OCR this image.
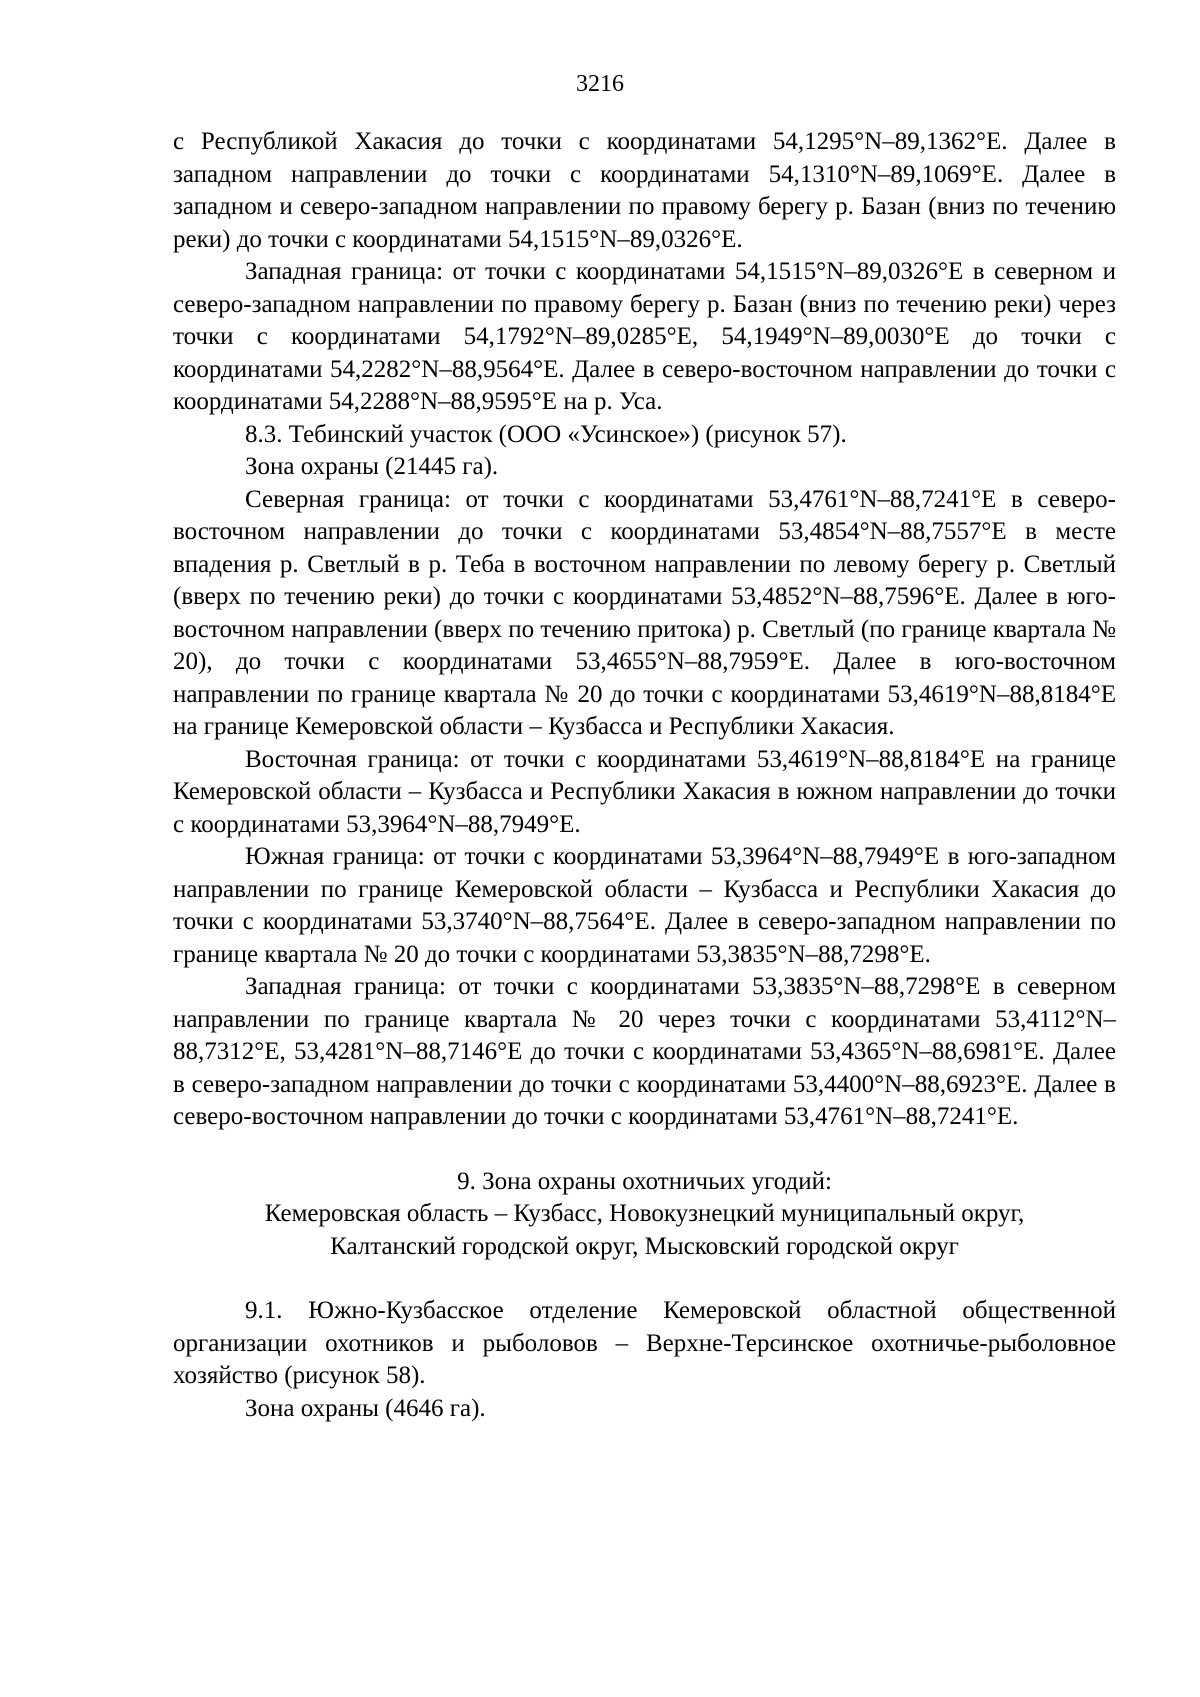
3216

с Республикой Хакасия до точки с координатами 54,1295°N–89,1362°E. Далее в западном направлении до точки с координатами 54,1310°N–89,1069°E. Далее в западном и северо-западном направлении по правому берегу р. Базан (вниз по течению реки) до точки с координатами 54,1515°N–89,0326°E.

Западная граница: от точки с координатами 54,1515°N–89,0326°E в северном и северо-западном направлении по правому берегу р. Базан (вниз по течению реки) через точки с координатами 54,1792°N–89,0285°E, 54,1949°N–89,0030°E до точки с координатами 54,2282°N–88,9564°E. Далее в северо-восточном направлении до точки с координатами 54,2288°N–88,9595°E на р. Уса.

8.3. Тебинский участок (ООО «Усинское») (рисунок 57).

Зона охраны (21445 га).

Северная граница: от точки с координатами 53,4761°N–88,7241°E в северо-восточном направлении до точки с координатами 53,4854°N–88,7557°E в месте впадения р. Светлый в р. Теба в восточном направлении по левому берегу р. Светлый (вверх по течению реки) до точки с координатами 53,4852°N–88,7596°E. Далее в юго-восточном направлении (вверх по течению притока) р. Светлый (по границе квартала № 20), до точки с координатами 53,4655°N–88,7959°E. Далее в юго-восточном направлении по границе квартала № 20 до точки с координатами 53,4619°N–88,8184°E на границе Кемеровской области – Кузбасса и Республики Хакасия.

Восточная граница: от точки с координатами 53,4619°N–88,8184°E на границе Кемеровской области – Кузбасса и Республики Хакасия в южном направлении до точки с координатами 53,3964°N–88,7949°E.

Южная граница: от точки с координатами 53,3964°N–88,7949°E в юго-западном направлении по границе Кемеровской области – Кузбасса и Республики Хакасия до точки с координатами 53,3740°N–88,7564°E. Далее в северо-западном направлении по границе квартала № 20 до точки с координатами 53,3835°N–88,7298°E.

Западная граница: от точки с координатами 53,3835°N–88,7298°E в северном направлении по границе квартала № 20 через точки с координатами 53,4112°N–88,7312°E, 53,4281°N–88,7146°E до точки с координатами 53,4365°N–88,6981°E. Далее в северо-западном направлении до точки с координатами 53,4400°N–88,6923°E. Далее в северо-восточном направлении до точки с координатами 53,4761°N–88,7241°E.

9. Зона охраны охотничьих угодий:

Кемеровская область – Кузбасс, Новокузнецкий муниципальный округ,

Калтанский городской округ, Мысковский городской округ

9.1. Южно-Кузбасское отделение Кемеровской областной общественной организации охотников и рыболовов – Верхне-Терсинское охотничье-рыболовное хозяйство (рисунок 58).

Зона охраны (4646 га).
